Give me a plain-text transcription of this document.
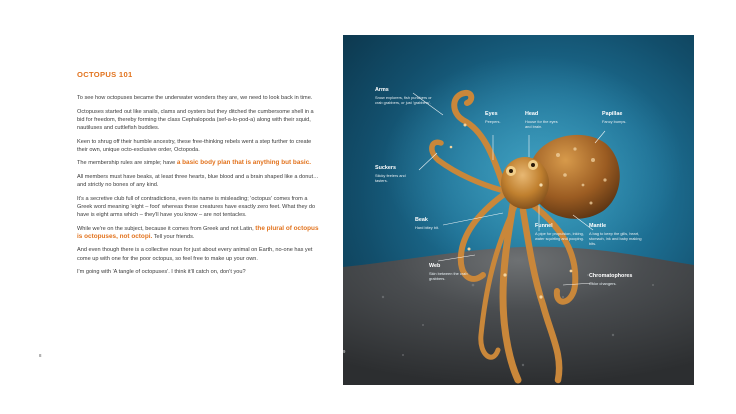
OCTOPUS 101

To see how octopuses became the underwater wonders they are, we need to look back in time.

Octopuses started out like snails, clams and oysters but they ditched the cumbersome shell in a bid for freedom, thereby forming the class Cephalopoda (sef-a-lo-pod-a) along with their squid, nautiluses and cuttlefish buddies.

Keen to shrug off their humble ancestry, these free-thinking rebels went a step further to create their own, unique octo-exclusive order, Octopoda.

The membership rules are simple; have a basic body plan that is anything but basic.

All members must have beaks, at least three hearts, blue blood and a brain shaped like a donut… and strictly no bones of any kind.

It's a secretive club full of contradictions, even its name is misleading; 'octopus' comes from a Greek word meaning 'eight – foot' whereas these creatures have exactly zero feet. What they do have is eight arms which – they'll have you know – are not tentacles.

While we're on the subject, because it comes from Greek and not Latin, the plural of octopus is octopuses, not octopi. Tell your friends.

And even though there is a collective noun for just about every animal on Earth, no-one has yet come up with one for the poor octopus, so feel free to make up your own.

I'm going with 'A tangle of octopuses'. I think it'll catch on, don't you?

8
Arms
Snow explorers, fish punchers or crab grabbers, or just 'grabbers'.
Eyes
Peepers.
Head
House for the eyes and brain.
Papillae
Fancy bumps.
Suckers
Sticky feelers and tasters.
Beak
Hard bitey bit.	Funnel
A pipe for propulsion, inking, water squirting and pooping.
Mantle
A bag to keep the gills, heart, stomach, ink and baby making bits.
Web
Skin between the crab grabbers.	Chromatophores
Color changers.
9
